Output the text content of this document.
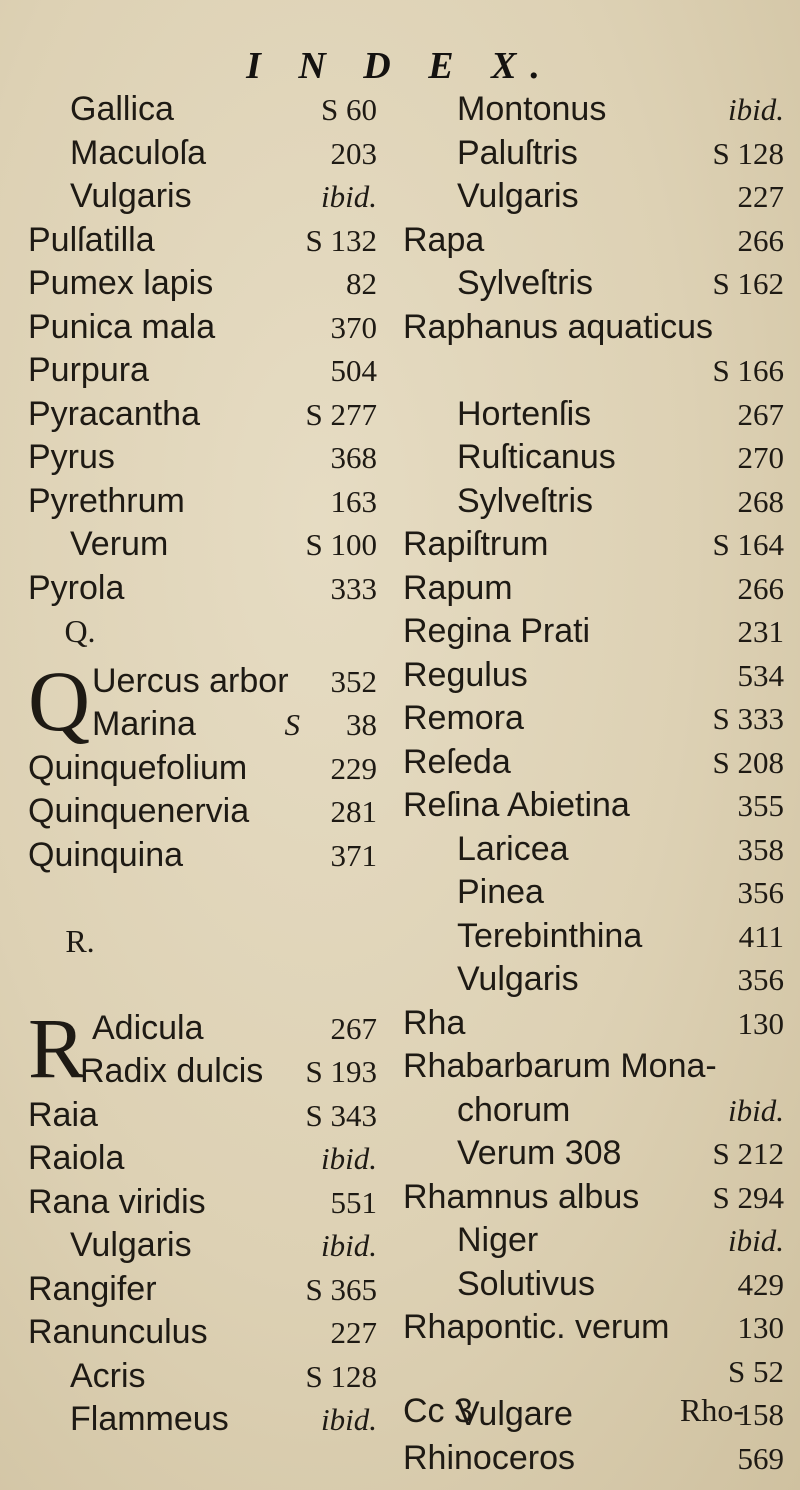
I N D E X.
Gallica	S 60
Maculoſa	203
Vulgaris	ibid.
Pulſatilla	S 132
Pumex lapis	82
Punica mala	370
Purpura	504
Pyracantha	S 277
Pyrus	368
Pyrethrum	163
Verum	S 100
Pyrola	333
Q.
Q Uercus arbor 352
Marina	S 38
Quinquefolium	229
Quinquenervia	281
Quinquina	371
R.
R Adicula	267
Radix dulcis S 193
Raia	S 343
Raiola	ibid.
Rana viridis	551
Vulgaris	ibid.
Rangifer	S 365
Ranunculus	227
Acris	S 128
Flammeus	ibid.
Montonus	ibid.
Paluſtris	S 128
Vulgaris	227
Rapa	266
Sylveſtris	S 162
Raphanus aquaticus
S 166
Hortenſis	267
Ruſticanus	270
Sylveſtris	268
Rapiſtrum	S 164
Rapum	266
Regina Prati	231
Regulus	534
Remora	S 333
Reſeda	S 208
Reſina Abietina	355
Laricea	358
Pinea	356
Terebinthina	411
Vulgaris	356
Rha	130
Rhabarbarum Mona-
chorum	ibid.
Verum 308	S 212
Rhamnus albus S 294
Niger	ibid.
Solutivus	429
Rhapontic. verum 130
S 52
Vulgare	158
Rhinoceros	569
Cc 3	Rho-
